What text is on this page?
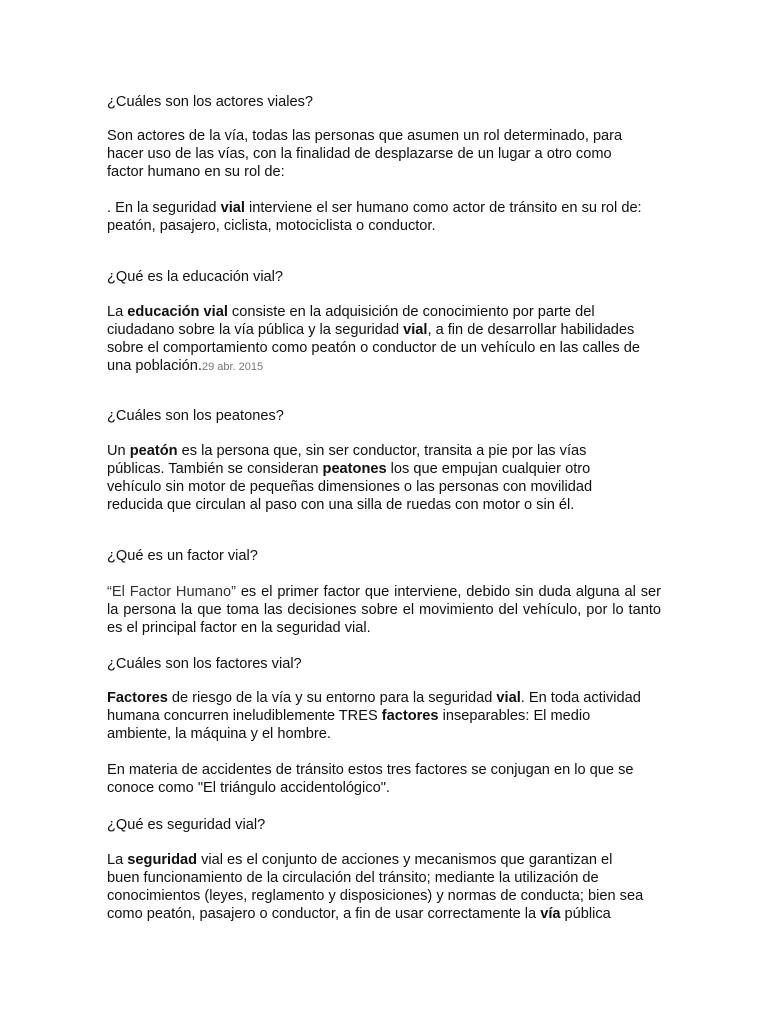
¿Cuáles son los actores viales?

Son actores de la vía, todas las personas que asumen un rol determinado, para
hacer uso de las vías, con la finalidad de desplazarse de un lugar a otro como
factor humano en su rol de:

. En la seguridad vial interviene el ser humano como actor de tránsito en su rol de:
peatón, pasajero, ciclista, motociclista o conductor.

¿Qué es la educación vial?

La educación vial consiste en la adquisición de conocimiento por parte del
ciudadano sobre la vía pública y la seguridad vial, a fin de desarrollar habilidades
sobre el comportamiento como peatón o conductor de un vehículo en las calles de
una población.29 abr. 2015

¿Cuáles son los peatones?

Un peatón es la persona que, sin ser conductor, transita a pie por las vías
públicas. También se consideran peatones los que empujan cualquier otro
vehículo sin motor de pequeñas dimensiones o las personas con movilidad
reducida que circulan al paso con una silla de ruedas con motor o sin él.

¿Qué es un factor vial?

“El Factor Humano” es el primer factor que interviene, debido sin duda alguna al ser la persona la que toma las decisiones sobre el movimiento del vehículo, por lo tanto es el principal factor en la seguridad vial.

¿Cuáles son los factores vial?

Factores de riesgo de la vía y su entorno para la seguridad vial. En toda actividad
humana concurren ineludiblemente TRES factores inseparables: El medio
ambiente, la máquina y el hombre.

En materia de accidentes de tránsito estos tres factores se conjugan en lo que se
conoce como "El triángulo accidentológico".

¿Qué es seguridad vial?

La seguridad vial es el conjunto de acciones y mecanismos que garantizan el
buen funcionamiento de la circulación del tránsito; mediante la utilización de
conocimientos (leyes, reglamento y disposiciones) y normas de conducta; bien sea
como peatón, pasajero o conductor, a fin de usar correctamente la vía pública
